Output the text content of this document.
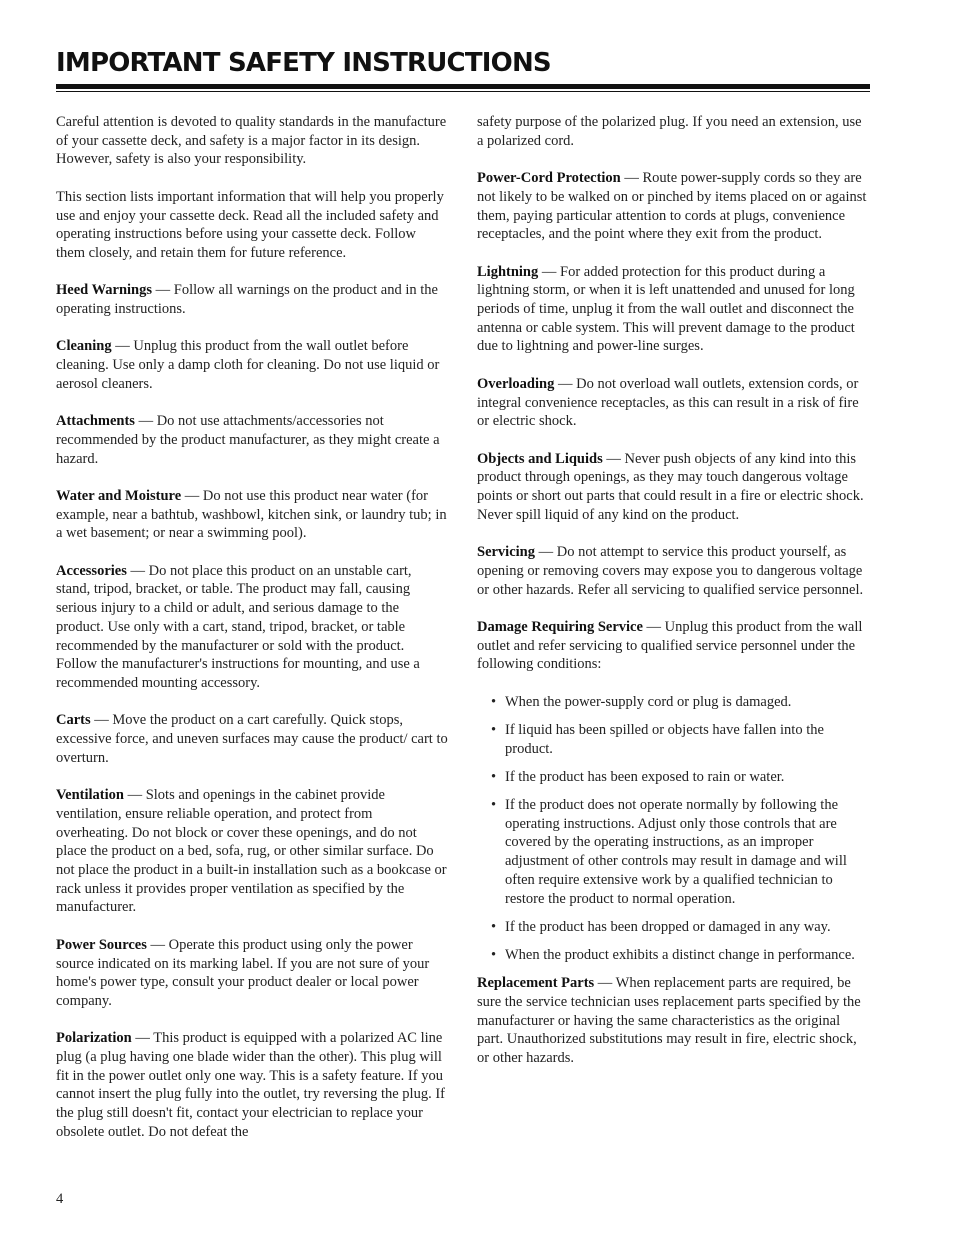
IMPORTANT SAFETY INSTRUCTIONS

Careful attention is devoted to quality standards in the manufacture of your cassette deck, and safety is a major factor in its design. However, safety is also your responsibility.

This section lists important information that will help you properly use and enjoy your cassette deck. Read all the included safety and operating instructions before using your cassette deck. Follow them closely, and retain them for future reference.

Heed Warnings — Follow all warnings on the product and in the operating instructions.

Cleaning — Unplug this product from the wall outlet before cleaning. Use only a damp cloth for cleaning. Do not use liquid or aerosol cleaners.

Attachments — Do not use attachments/accessories not recommended by the product manufacturer, as they might create a hazard.

Water and Moisture — Do not use this product near water (for example, near a bathtub, washbowl, kitchen sink, or laundry tub; in a wet basement; or near a swimming pool).

Accessories — Do not place this product on an unstable cart, stand, tripod, bracket, or table. The product may fall, causing serious injury to a child or adult, and serious damage to the product. Use only with a cart, stand, tripod, bracket, or table recommended by the manufacturer or sold with the product. Follow the manufacturer's instructions for mounting, and use a recommended mounting accessory.

Carts — Move the product on a cart carefully. Quick stops, excessive force, and uneven surfaces may cause the product/ cart to overturn.

Ventilation — Slots and openings in the cabinet provide ventilation, ensure reliable operation, and protect from overheating. Do not block or cover these openings, and do not place the product on a bed, sofa, rug, or other similar surface. Do not place the product in a built-in installation such as a bookcase or rack unless it provides proper ventilation as specified by the manufacturer.

Power Sources — Operate this product using only the power source indicated on its marking label. If you are not sure of your home's power type, consult your product dealer or local power company.

Polarization — This product is equipped with a polarized AC line plug (a plug having one blade wider than the other). This plug will fit in the power outlet only one way. This is a safety feature. If you cannot insert the plug fully into the outlet, try reversing the plug. If the plug still doesn't fit, contact your electrician to replace your obsolete outlet. Do not defeat the

safety purpose of the polarized plug. If you need an extension, use a polarized cord.

Power-Cord Protection — Route power-supply cords so they are not likely to be walked on or pinched by items placed on or against them, paying particular attention to cords at plugs, convenience receptacles, and the point where they exit from the product.

Lightning — For added protection for this product during a lightning storm, or when it is left unattended and unused for long periods of time, unplug it from the wall outlet and disconnect the antenna or cable system. This will prevent damage to the product due to lightning and power-line surges.

Overloading — Do not overload wall outlets, extension cords, or integral convenience receptacles, as this can result in a risk of fire or electric shock.

Objects and Liquids — Never push objects of any kind into this product through openings, as they may touch dangerous voltage points or short out parts that could result in a fire or electric shock. Never spill liquid of any kind on the product.

Servicing — Do not attempt to service this product yourself, as opening or removing covers may expose you to dangerous voltage or other hazards. Refer all servicing to qualified service personnel.

Damage Requiring Service — Unplug this product from the wall outlet and refer servicing to qualified service personnel under the following conditions:

• When the power-supply cord or plug is damaged.
• If liquid has been spilled or objects have fallen into the product.
• If the product has been exposed to rain or water.
• If the product does not operate normally by following the operating instructions. Adjust only those controls that are covered by the operating instructions, as an improper adjustment of other controls may result in damage and will often require extensive work by a qualified technician to restore the product to normal operation.
• If the product has been dropped or damaged in any way.
• When the product exhibits a distinct change in performance.

Replacement Parts — When replacement parts are required, be sure the service technician uses replacement parts specified by the manufacturer or having the same characteristics as the original part. Unauthorized substitutions may result in fire, electric shock, or other hazards.

4
